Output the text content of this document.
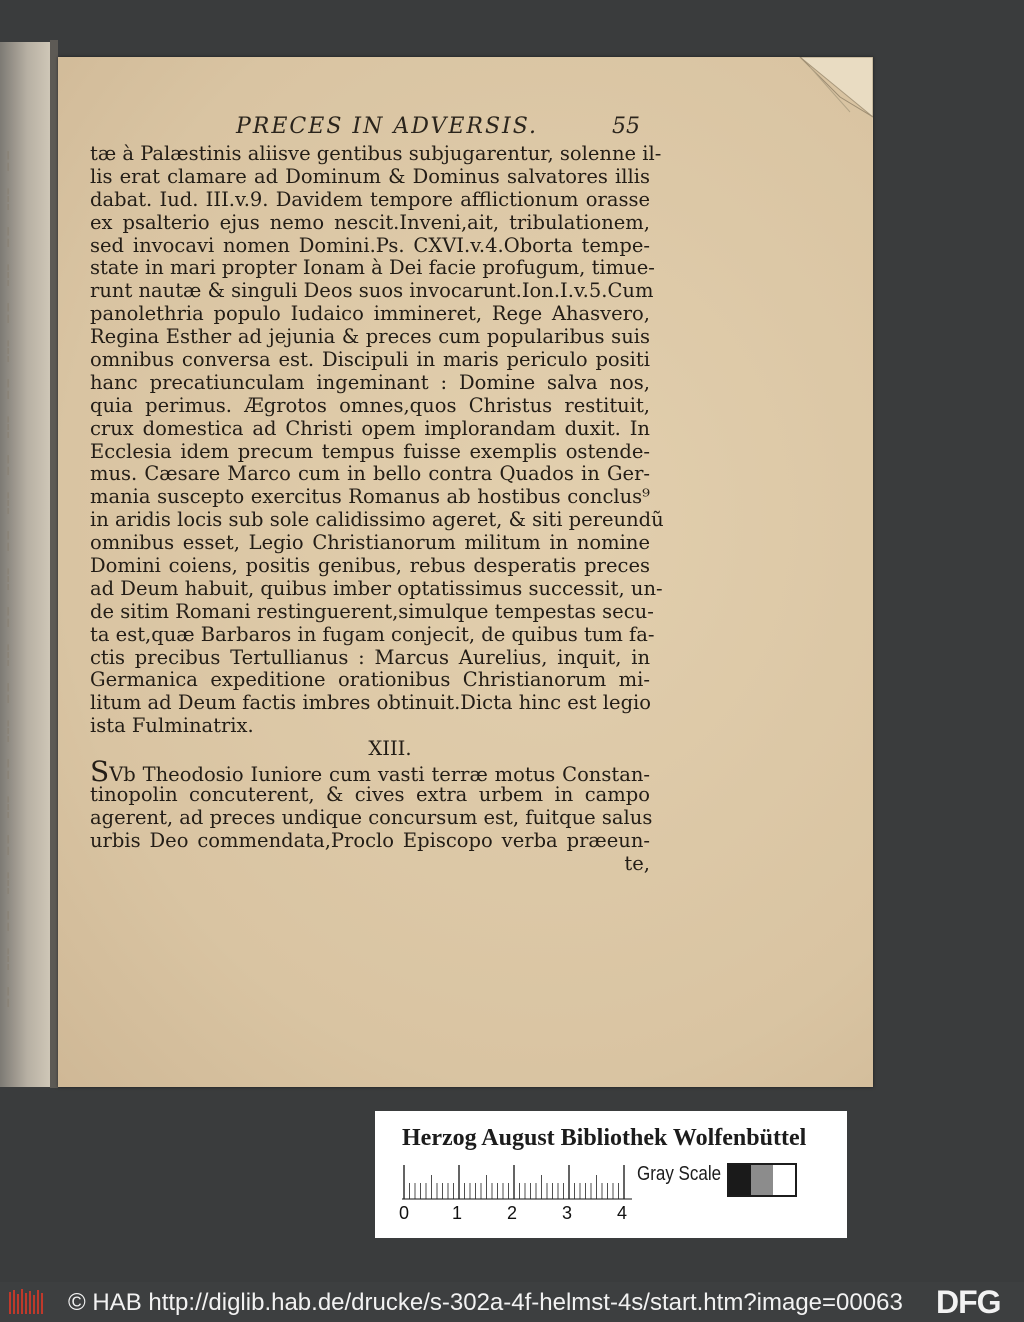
╎
┆
╎
┆
╎
┆
╎
┆
╎
┆
╎
┆
╎
┆
╎
┆
╎
┆
╎
┆
╎
┆
╎
PRECES IN ADVERSIS.	55
tæ à Palæstinis aliisve gentibus subjugarentur, solenne il-
lis erat clamare ad Dominum & Dominus salvatores illis
dabat. Iud. III.v.9. Davidem tempore afflictionum orasse
ex psalterio ejus nemo nescit.Inveni,ait, tribulationem,
sed invocavi nomen Domini.Ps. CXVI.v.4.Oborta tempe-
state in mari propter Ionam à Dei facie profugum, timue-
runt nautæ & singuli Deos suos invocarunt.Ion.I.v.5.Cum
panolethria populo Iudaico immineret, Rege Ahasvero,
Regina Esther ad jejunia & preces cum popularibus suis
omnibus conversa est. Discipuli in maris periculo positi
hanc precatiunculam ingeminant : Domine salva nos,
quia perimus. Ægrotos omnes,quos Christus restituit,
crux domestica ad Christi opem implorandam duxit. In
Ecclesia idem precum tempus fuisse exemplis ostende-
mus. Cæsare Marco cum in bello contra Quados in Ger-
mania suscepto exercitus Romanus ab hostibus conclus⁹
in aridis locis sub sole calidissimo ageret, & siti pereundũ
omnibus esset, Legio Christianorum militum in nomine
Domini coiens, positis genibus, rebus desperatis preces
ad Deum habuit, quibus imber optatissimus successit, un-
de sitim Romani restinguerent,simulque tempestas secu-
ta est,quæ Barbaros in fugam conjecit, de quibus tum fa-
ctis precibus Tertullianus : Marcus Aurelius, inquit, in
Germanica expeditione orationibus Christianorum mi-
litum ad Deum factis imbres obtinuit.Dicta hinc est legio
ista Fulminatrix.
XIII.
SVb Theodosio Iuniore cum vasti terræ motus Constan-
tinopolin concuterent, & cives extra urbem in campo
agerent, ad preces undique concursum est, fuitque salus
urbis Deo commendata,Proclo Episcopo verba præeun-
te,
Herzog August Bibliothek Wolfenbüttel
0 1 2 3 4
Gray Scale
© HAB http://diglib.hab.de/drucke/s-302a-4f-helmst-4s/start.htm?image=00063 DFG
